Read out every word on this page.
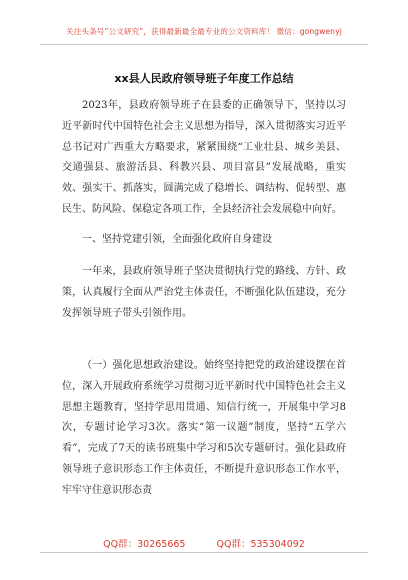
关注头条号“公文研究”，获得最新最全最专业的公文资料库！ 微信：gongwenyj
xx县人民政府领导班子年度工作总结

2023年，县政府领导班子在县委的正确领导下，坚持以习近平新时代中国特色社会主义思想为指导，深入贯彻落实习近平总书记对广西重大方略要求，紧紧围绕“工业壮县、城乡美县、交通强县、旅游活县、科教兴县、项目富县”发展战略，重实效、强实干、抓落实，圆满完成了稳增长、调结构、促转型、惠民生、防风险、保稳定各项工作，全县经济社会发展稳中向好。

一、坚持党建引领，全面强化政府自身建设

一年来，县政府领导班子坚决贯彻执行党的路线、方针、政策，认真履行全面从严治党主体责任，不断强化队伍建设，充分发挥领导班子带头引领作用。

（一）强化思想政治建设。始终坚持把党的政治建设摆在首位，深入开展政府系统学习贯彻习近平新时代中国特色社会主义思想主题教育，坚持学思用贯通、知信行统一，开展集中学习8次，专题讨论学习3次。落实“第一议题”制度，坚持“五学六看”，完成了7天的读书班集中学习和5次专题研讨。强化县政府领导班子意识形态工作主体责任，不断提升意识形态工作水平，牢牢守住意识形态责

QQ群：30265665	QQ群：535304092
